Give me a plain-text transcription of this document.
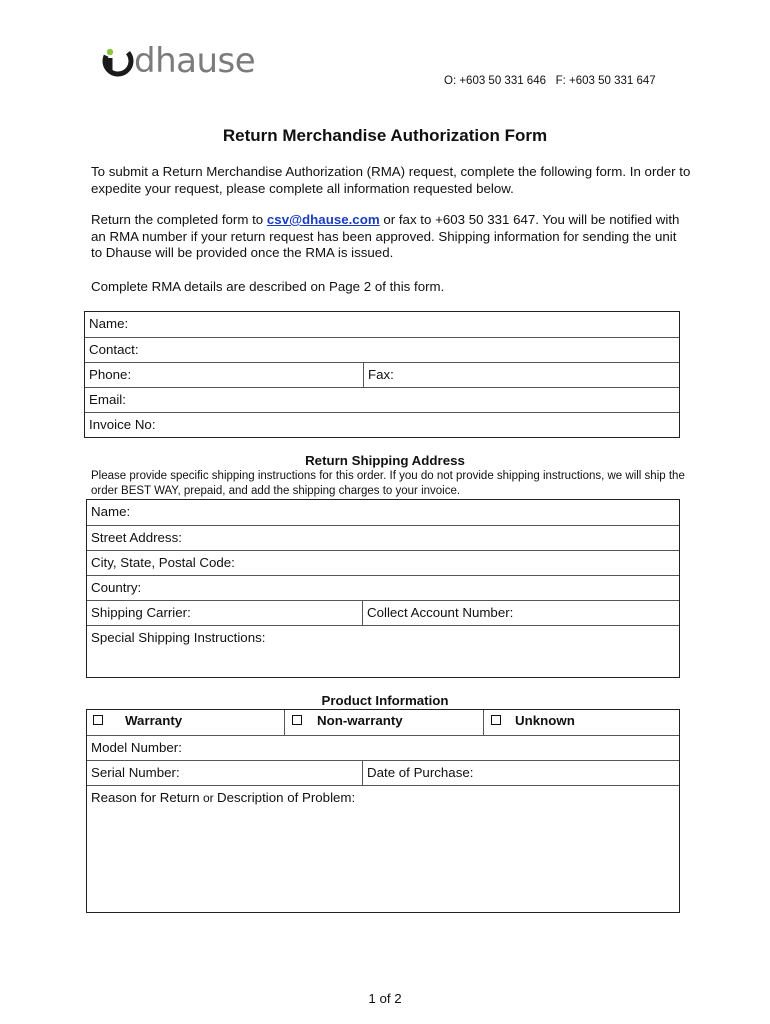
dhause	O: +603 50 331 646   F: +603 50 331 647
Return Merchandise Authorization Form
To submit a Return Merchandise Authorization (RMA) request, complete the following form. In order to expedite your request, please complete all information requested below.
Return the completed form to csv@dhause.com or fax to +603 50 331 647. You will be notified with an RMA number if your return request has been approved. Shipping information for sending the unit to Dhause will be provided once the RMA is issued.
Complete RMA details are described on Page 2 of this form.
Name:
Contact:
Phone:	Fax:
Email:
Invoice No:
Return Shipping Address
Please provide specific shipping instructions for this order. If you do not provide shipping instructions, we will ship the order BEST WAY, prepaid, and add the shipping charges to your invoice.
Name:
Street Address:
City, State, Postal Code:
Country:
Shipping Carrier:	Collect Account Number:
Special Shipping Instructions:
Product Information
Warranty	Non-warranty	Unknown
Model Number:
Serial Number:	Date of Purchase:
Reason for Return or Description of Problem:
1 of 2
